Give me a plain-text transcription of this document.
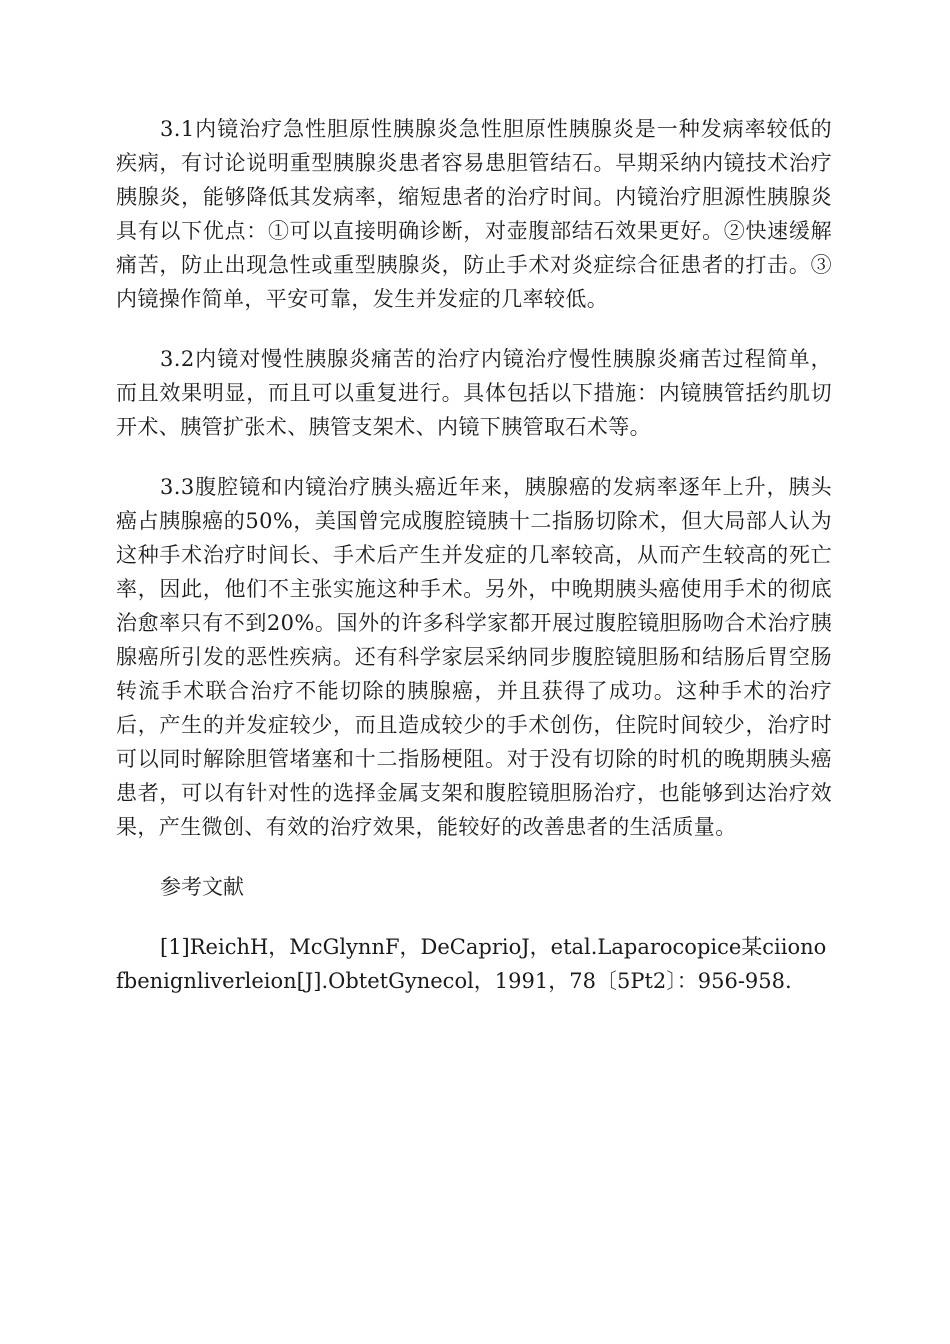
3.1内镜治疗急性胆原性胰腺炎急性胆原性胰腺炎是一种发病率较低的疾病，有讨论说明重型胰腺炎患者容易患胆管结石。早期采纳内镜技术治疗胰腺炎，能够降低其发病率，缩短患者的治疗时间。内镜治疗胆源性胰腺炎具有以下优点：①可以直接明确诊断，对壶腹部结石效果更好。②快速缓解痛苦，防止出现急性或重型胰腺炎，防止手术对炎症综合征患者的打击。③内镜操作简单，平安可靠，发生并发症的几率较低。

3.2内镜对慢性胰腺炎痛苦的治疗内镜治疗慢性胰腺炎痛苦过程简单，而且效果明显，而且可以重复进行。具体包括以下措施：内镜胰管括约肌切开术、胰管扩张术、胰管支架术、内镜下胰管取石术等。

3.3腹腔镜和内镜治疗胰头癌近年来，胰腺癌的发病率逐年上升，胰头癌占胰腺癌的50%，美国曾完成腹腔镜胰十二指肠切除术，但大局部人认为这种手术治疗时间长、手术后产生并发症的几率较高，从而产生较高的死亡率，因此，他们不主张实施这种手术。另外，中晚期胰头癌使用手术的彻底治愈率只有不到20%。国外的许多科学家都开展过腹腔镜胆肠吻合术治疗胰腺癌所引发的恶性疾病。还有科学家层采纳同步腹腔镜胆肠和结肠后胃空肠转流手术联合治疗不能切除的胰腺癌，并且获得了成功。这种手术的治疗后，产生的并发症较少，而且造成较少的手术创伤，住院时间较少，治疗时可以同时解除胆管堵塞和十二指肠梗阻。对于没有切除的时机的晚期胰头癌患者，可以有针对性的选择金属支架和腹腔镜胆肠治疗，也能够到达治疗效果，产生微创、有效的治疗效果，能较好的改善患者的生活质量。

参考文献

[1]ReichH，McGlynnF，DeCaprioJ，etal.Laparocopice某ciionofbenignliverleion[J].ObtetGynecol，1991，78〔5Pt2〕：956-958.
